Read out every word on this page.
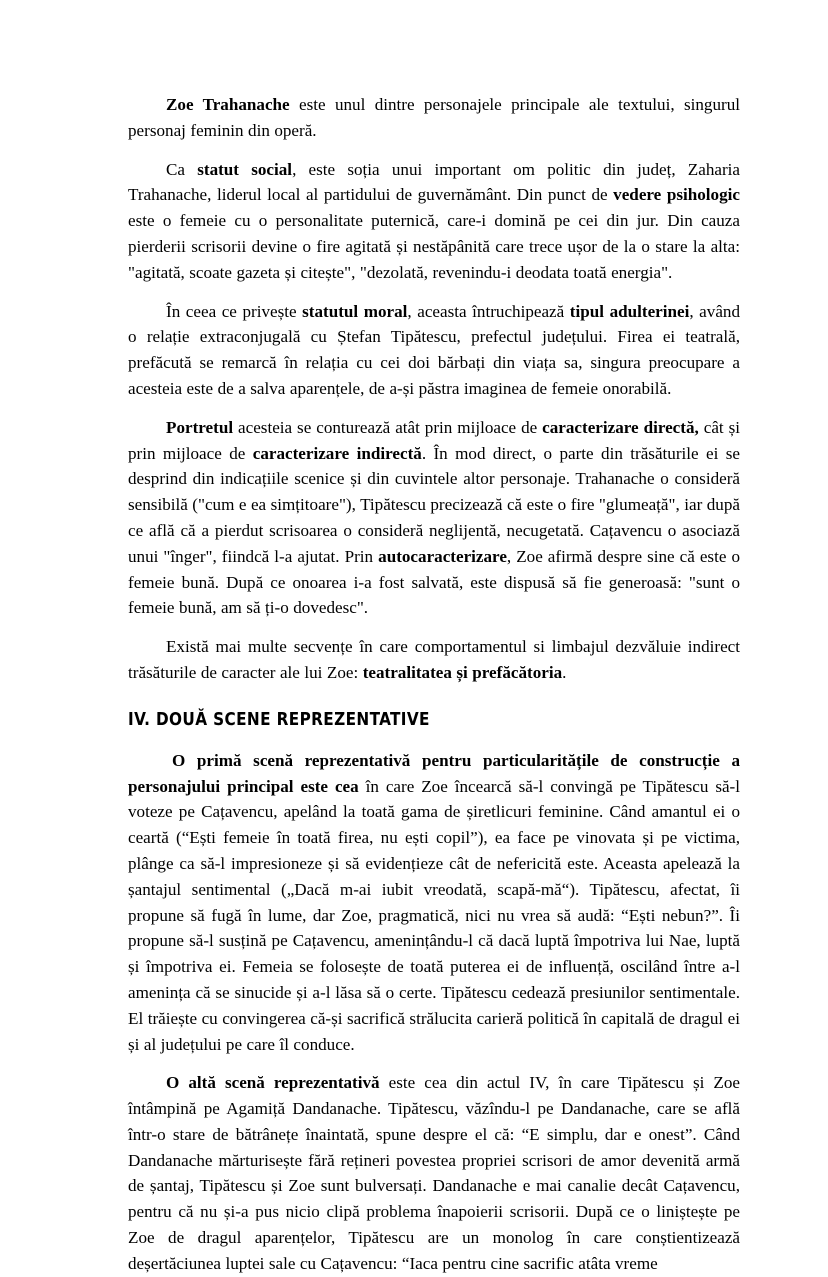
Zoe Trahanache este unul dintre personajele principale ale textului, singurul personaj feminin din operă.

Ca statut social, este soția unui important om politic din județ, Zaharia Trahanache, liderul local al partidului de guvernământ. Din punct de vedere psihologic este o femeie cu o personalitate puternică, care-i domină pe cei din jur. Din cauza pierderii scrisorii devine o fire agitată și nestăpânită care trece ușor de la o stare la alta: "agitată, scoate gazeta și citește", "dezolată, revenindu-i deodata toată energia".

În ceea ce privește statutul moral, aceasta întruchipează tipul adulterinei, având o relație extraconjugală cu Ștefan Tipătescu, prefectul județului. Firea ei teatrală, prefăcută se remarcă în relația cu cei doi bărbați din viața sa, singura preocupare a acesteia este de a salva aparențele, de a-și păstra imaginea de femeie onorabilă.

Portretul acesteia se conturează atât prin mijloace de caracterizare directă, cât și prin mijloace de caracterizare indirectă. În mod direct, o parte din trăsăturile ei se desprind din indicațiile scenice și din cuvintele altor personaje. Trahanache o consideră sensibilă ("cum e ea simțitoare"), Tipătescu precizează că este o fire "glumeață", iar după ce află că a pierdut scrisoarea o consideră neglijentă, necugetată. Cațavencu o asociază unui "înger", fiindcă l-a ajutat. Prin autocaracterizare, Zoe afirmă despre sine că este o femeie bună. După ce onoarea i-a fost salvată, este dispusă să fie generoasă: "sunt o femeie bună, am să ți-o dovedesc".

Există mai multe secvențe în care comportamentul si limbajul dezvăluie indirect trăsăturile de caracter ale lui Zoe: teatralitatea și prefăcătoria.

IV. DOUĂ SCENE REPREZENTATIVE

O primă scenă reprezentativă pentru particularitățile de construcție a personajului principal este cea în care Zoe încearcă să-l convingă pe Tipătescu să-l voteze pe Cațavencu, apelând la toată gama de șiretlicuri feminine. Când amantul ei o ceartă (“Ești femeie în toată firea, nu ești copil”), ea face pe vinovata și pe victima, plânge ca să-l impresioneze și să evidențieze cât de nefericită este. Aceasta apelează la șantajul sentimental („Dacă m-ai iubit vreodată, scapă-mă“). Tipătescu, afectat, îi propune să fugă în lume, dar Zoe, pragmatică, nici nu vrea să audă: “Ești nebun?”. Îi propune să-l susțină pe Cațavencu, amenințându-l că dacă luptă împotriva lui Nae, luptă și împotriva ei. Femeia se folosește de toată puterea ei de influență, oscilând între a-l amenința că se sinucide și a-l lăsa să o certe. Tipătescu cedează presiunilor sentimentale. El trăiește cu convingerea că-și sacrifică strălucita carieră politică în capitală de dragul ei și al județului pe care îl conduce.

O altă scenă reprezentativă este cea din actul IV, în care Tipătescu și Zoe întâmpină pe Agamiță Dandanache. Tipătescu, văzîndu-l pe Dandanache, care se află într-o stare de bătrânețe înaintată, spune despre el că: “E simplu, dar e onest”. Când Dandanache mărturisește fără rețineri povestea propriei scrisori de amor devenită armă de șantaj, Tipătescu și Zoe sunt bulversați. Dandanache e mai canalie decât Cațavencu, pentru că nu și-a pus nicio clipă problema înapoierii scrisorii. După ce o liniștește pe Zoe de dragul aparențelor, Tipătescu are un monolog în care conștientizează deșertăciunea luptei sale cu Cațavencu: “Iaca pentru cine sacrific atâta vreme
